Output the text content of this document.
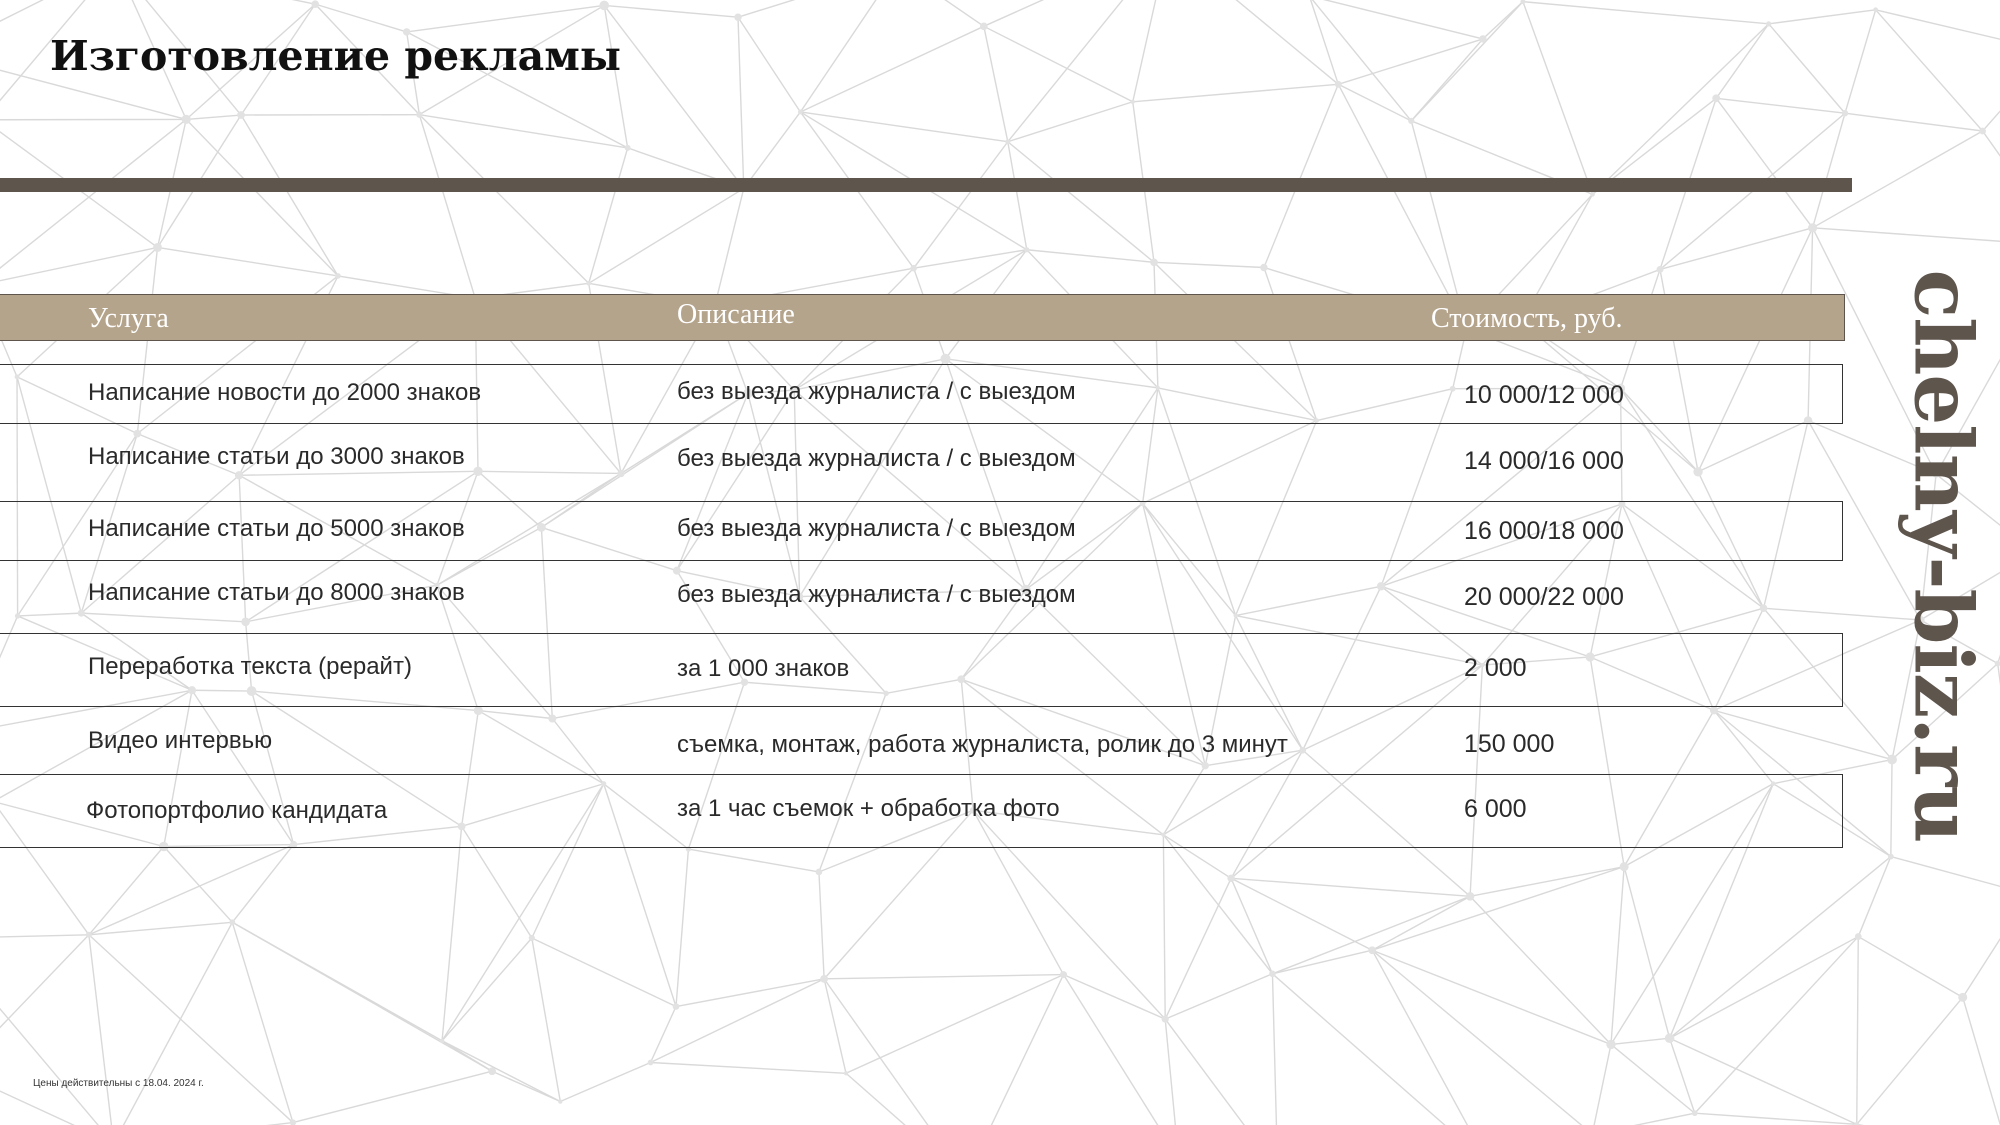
Изготовление рекламы
chelny-biz.ru
Услуга	Описание	Стоимость, руб.
Написание новости до 2000 знаков	без выезда журналиста / с выездом	10 000/12 000
Написание статьи до 3000 знаков	без выезда журналиста / с выездом	14 000/16 000
Написание статьи до 5000 знаков	без выезда журналиста / с выездом	16 000/18 000
Написание статьи до 8000 знаков	без выезда журналиста / с выездом	20 000/22 000
Переработка текста (рерайт)	за 1 000 знаков	2 000
Видео интервью	съемка, монтаж, работа журналиста, ролик до 3 минут	150 000
Фотопортфолио кандидата	за 1 час съемок + обработка фото	6 000
Цены действительны с 18.04. 2024 г.
